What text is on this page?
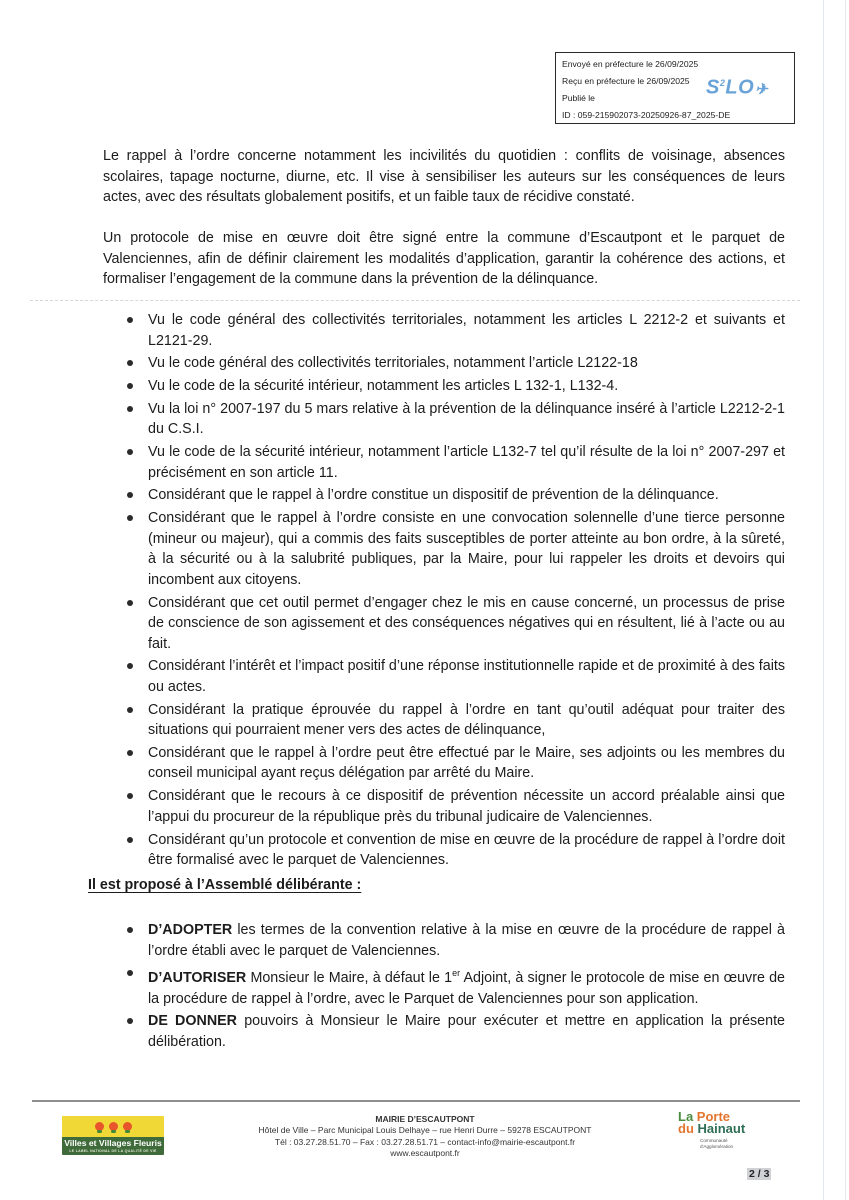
Envoyé en préfecture le 26/09/2025
Reçu en préfecture le 26/09/2025
Publié le
ID : 059-215902073-20250926-87_2025-DE
$S^2LO✈$

Le rappel à l’ordre concerne notamment les incivilités du quotidien : conflits de voisinage, absences scolaires, tapage nocturne, diurne, etc. Il vise à sensibiliser les auteurs sur les conséquences de leurs actes, avec des résultats globalement positifs, et un faible taux de récidive constaté.

Un protocole de mise en œuvre doit être signé entre la commune d’Escautpont et le parquet de Valenciennes, afin de définir clairement les modalités d’application, garantir la cohérence des actions, et formaliser l’engagement de la commune dans la prévention de la délinquance.

Vu le code général des collectivités territoriales, notamment les articles L 2212-2 et suivants et L2121-29.
Vu le code général des collectivités territoriales, notamment l’article L2122-18
Vu le code de la sécurité intérieur, notamment les articles L 132-1, L132-4.
Vu la loi n° 2007-197 du 5 mars relative à la prévention de la délinquance inséré à l’article L2212-2-1 du C.S.I.
Vu le code de la sécurité intérieur, notamment l’article L132-7 tel qu’il résulte de la loi n° 2007-297 et précisément en son article 11.
Considérant que le rappel à l’ordre constitue un dispositif de prévention de la délinquance.
Considérant que le rappel à l’ordre consiste en une convocation solennelle d’une tierce personne (mineur ou majeur), qui a commis des faits susceptibles de porter atteinte au bon ordre, à la sûreté, à la sécurité ou à la salubrité publiques, par la Maire, pour lui rappeler les droits et devoirs qui incombent aux citoyens.
Considérant que cet outil permet d’engager chez le mis en cause concerné, un processus de prise de conscience de son agissement et des conséquences négatives qui en résultent, lié à l’acte ou au fait.
Considérant l’intérêt et l’impact positif d’une réponse institutionnelle rapide et de proximité à des faits ou actes.
Considérant la pratique éprouvée du rappel à l’ordre en tant qu’outil adéquat pour traiter des situations qui pourraient mener vers des actes de délinquance,
Considérant que le rappel à l’ordre peut être effectué par le Maire, ses adjoints ou les membres du conseil municipal ayant reçus délégation par arrêté du Maire.
Considérant que le recours à ce dispositif de prévention nécessite un accord préalable ainsi que l’appui du procureur de la république près du tribunal judicaire de Valenciennes.
Considérant qu’un protocole et convention de mise en œuvre de la procédure de rappel à l’ordre doit être formalisé avec le parquet de Valenciennes.
Il est proposé à l’Assemblé délibérante :
D’ADOPTER les termes de la convention relative à la mise en œuvre de la procédure de rappel à l’ordre établi avec le parquet de Valenciennes.
D’AUTORISER Monsieur le Maire, à défaut le 1er Adjoint, à signer le protocole de mise en œuvre de la procédure de rappel à l’ordre, avec le Parquet de Valenciennes pour son application.
DE DONNER pouvoirs à Monsieur le Maire pour exécuter et mettre en application la présente délibération.
Villes et Villages Fleuris
LE LABEL NATIONAL DE LA QUALITÉ DE VIE
MAIRIE D’ESCAUTPONT
Hôtel de Ville – Parc Municipal Louis Delhaye – rue Henri Durre – 59278 ESCAUTPONT
Tél : 03.27.28.51.70 – Fax : 03.27.28.51.71 – contact-info@mairie-escautpont.fr
www.escautpont.fr
La Porte
du Hainaut
Communauté
d'Agglomération
2 / 3
